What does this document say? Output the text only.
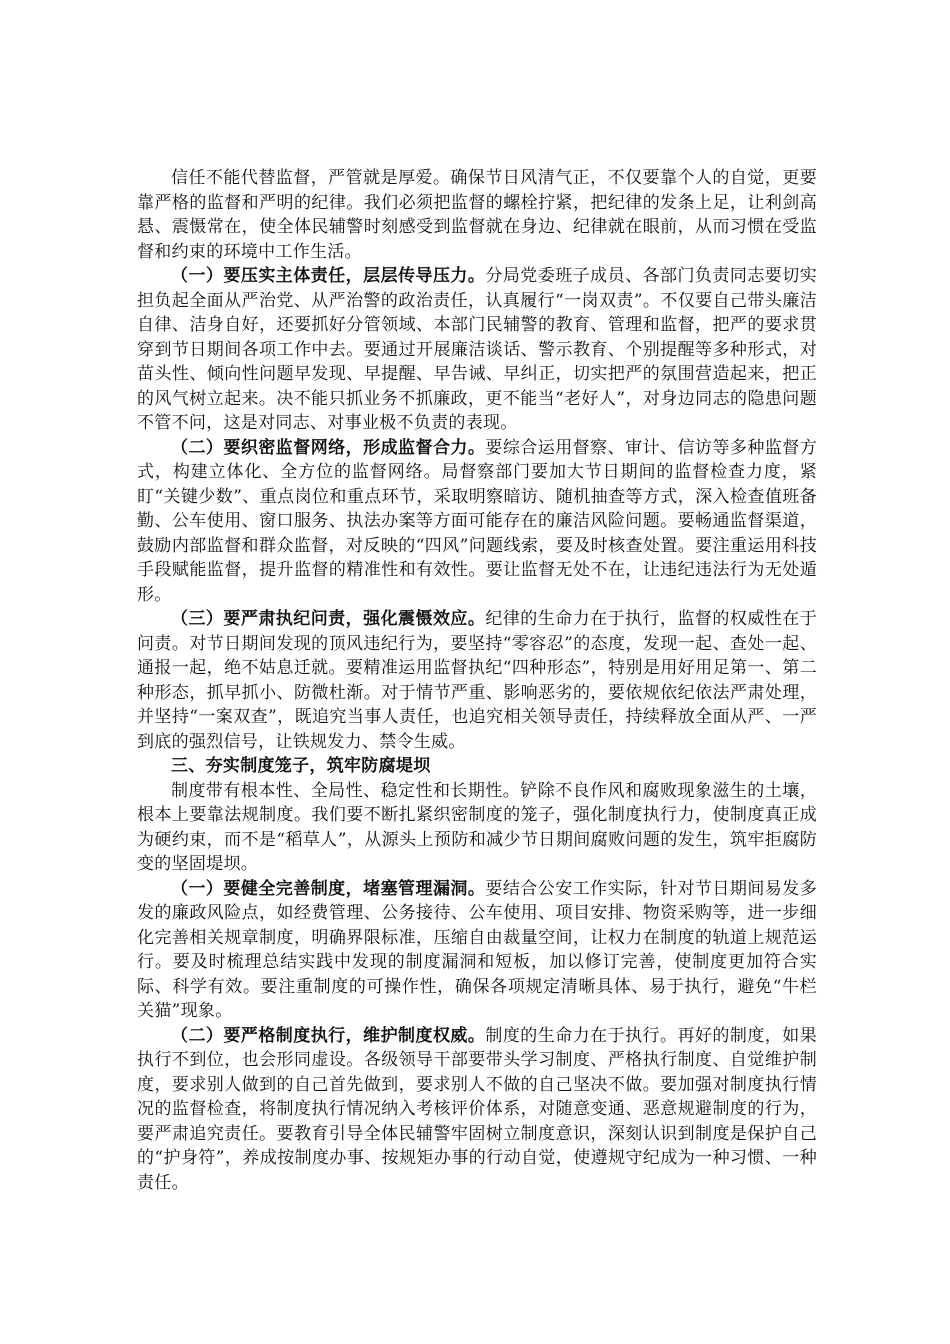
信任不能代替监督，严管就是厚爱。确保节日风清气正，不仅要靠个人的自觉，更要靠严格的监督和严明的纪律。我们必须把监督的螺栓拧紧，把纪律的发条上足，让利剑高悬、震慑常在，使全体民辅警时刻感受到监督就在身边、纪律就在眼前，从而习惯在受监督和约束的环境中工作生活。

（一）要压实主体责任，层层传导压力。分局党委班子成员、各部门负责同志要切实担负起全面从严治党、从严治警的政治责任，认真履行“一岗双责”。不仅要自己带头廉洁自律、洁身自好，还要抓好分管领域、本部门民辅警的教育、管理和监督，把严的要求贯穿到节日期间各项工作中去。要通过开展廉洁谈话、警示教育、个别提醒等多种形式，对苗头性、倾向性问题早发现、早提醒、早告诫、早纠正，切实把严的氛围营造起来，把正的风气树立起来。决不能只抓业务不抓廉政，更不能当“老好人”，对身边同志的隐患问题不管不问，这是对同志、对事业极不负责的表现。

（二）要织密监督网络，形成监督合力。要综合运用督察、审计、信访等多种监督方式，构建立体化、全方位的监督网络。局督察部门要加大节日期间的监督检查力度，紧盯“关键少数”、重点岗位和重点环节，采取明察暗访、随机抽查等方式，深入检查值班备勤、公车使用、窗口服务、执法办案等方面可能存在的廉洁风险问题。要畅通监督渠道，鼓励内部监督和群众监督，对反映的“四风”问题线索，要及时核查处置。要注重运用科技手段赋能监督，提升监督的精准性和有效性。要让监督无处不在，让违纪违法行为无处遁形。

（三）要严肃执纪问责，强化震慑效应。纪律的生命力在于执行，监督的权威性在于问责。对节日期间发现的顶风违纪行为，要坚持“零容忍”的态度，发现一起、查处一起、通报一起，绝不姑息迁就。要精准运用监督执纪“四种形态”，特别是用好用足第一、第二种形态，抓早抓小、防微杜渐。对于情节严重、影响恶劣的，要依规依纪依法严肃处理，并坚持“一案双查”，既追究当事人责任，也追究相关领导责任，持续释放全面从严、一严到底的强烈信号，让铁规发力、禁令生威。

三、夯实制度笼子，筑牢防腐堤坝

制度带有根本性、全局性、稳定性和长期性。铲除不良作风和腐败现象滋生的土壤，根本上要靠法规制度。我们要不断扎紧织密制度的笼子，强化制度执行力，使制度真正成为硬约束，而不是“稻草人”，从源头上预防和减少节日期间腐败问题的发生，筑牢拒腐防变的坚固堤坝。

（一）要健全完善制度，堵塞管理漏洞。要结合公安工作实际，针对节日期间易发多发的廉政风险点，如经费管理、公务接待、公车使用、项目安排、物资采购等，进一步细化完善相关规章制度，明确界限标准，压缩自由裁量空间，让权力在制度的轨道上规范运行。要及时梳理总结实践中发现的制度漏洞和短板，加以修订完善，使制度更加符合实际、科学有效。要注重制度的可操作性，确保各项规定清晰具体、易于执行，避免“牛栏关猫”现象。

（二）要严格制度执行，维护制度权威。制度的生命力在于执行。再好的制度，如果执行不到位，也会形同虚设。各级领导干部要带头学习制度、严格执行制度、自觉维护制度，要求别人做到的自己首先做到，要求别人不做的自己坚决不做。要加强对制度执行情况的监督检查，将制度执行情况纳入考核评价体系，对随意变通、恶意规避制度的行为，要严肃追究责任。要教育引导全体民辅警牢固树立制度意识，深刻认识到制度是保护自己的“护身符”，养成按制度办事、按规矩办事的行动自觉，使遵规守纪成为一种习惯、一种责任。
